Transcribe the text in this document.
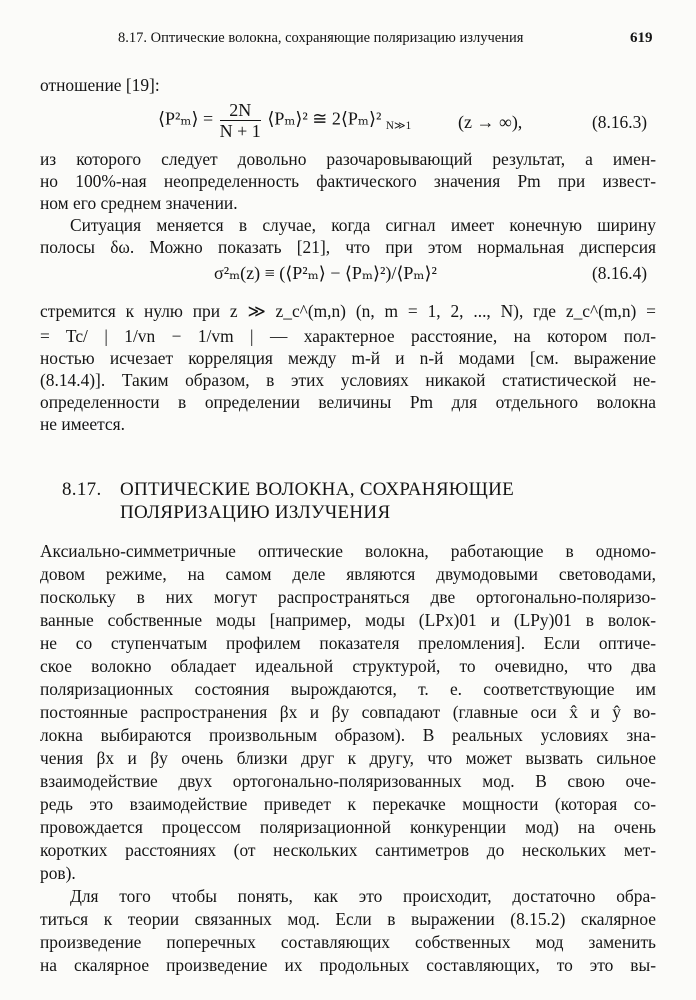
8.17. Оптические волокна, сохраняющие поляризацию излучения	619
отношение [19]:
⟨P²ₘ⟩ = $\frac{2N}{N + 1}$ ⟨Pₘ⟩² ≅ 2⟨Pₘ⟩² $_{N≫1}$	(z → ∞),	(8.16.3)
из которого следует довольно разочаровывающий результат, а имен-
но 100%-ная неопределенность фактического значения Pm при извест-
ном его среднем значении.
Ситуация меняется в случае, когда сигнал имеет конечную ширину
полосы δω. Можно показать [21], что при этом нормальная дисперсия
σ²ₘ(z) ≡ (⟨P²ₘ⟩ − ⟨Pₘ⟩²)/⟨Pₘ⟩²	(8.16.4)
стремится к нулю при z ≫ z_c^(m,n) (n, m = 1, 2, ..., N), где z_c^(m,n) =
= Tc/ | 1/vn − 1/vm | — характерное расстояние, на котором пол-
ностью исчезает корреляция между m-й и n-й модами [см. выражение
(8.14.4)]. Таким образом, в этих условиях никакой статистической не-
определенности в определении величины Pm для отдельного волокна
не имеется.
8.17. ОПТИЧЕСКИЕ ВОЛОКНА, СОХРАНЯЮЩИЕ
ПОЛЯРИЗАЦИЮ ИЗЛУЧЕНИЯ
Аксиально-симметричные оптические волокна, работающие в одномо-
довом режиме, на самом деле являются двумодовыми световодами,
поскольку в них могут распространяться две ортогонально-поляризо-
ванные собственные моды [например, моды (LPx)01 и (LPy)01 в волок-
не со ступенчатым профилем показателя преломления]. Если оптиче-
ское волокно обладает идеальной структурой, то очевидно, что два
поляризационных состояния вырождаются, т. е. соответствующие им
постоянные распространения βx и βy совпадают (главные оси x̂ и ŷ во-
локна выбираются произвольным образом). В реальных условиях зна-
чения βx и βy очень близки друг к другу, что может вызвать сильное
взаимодействие двух ортогонально-поляризованных мод. В свою оче-
редь это взаимодействие приведет к перекачке мощности (которая со-
провождается процессом поляризационной конкуренции мод) на очень
коротких расстояниях (от нескольких сантиметров до нескольких мет-
ров).
Для того чтобы понять, как это происходит, достаточно обра-
титься к теории связанных мод. Если в выражении (8.15.2) скалярное
произведение поперечных составляющих собственных мод заменить
на скалярное произведение их продольных составляющих, то это вы-
